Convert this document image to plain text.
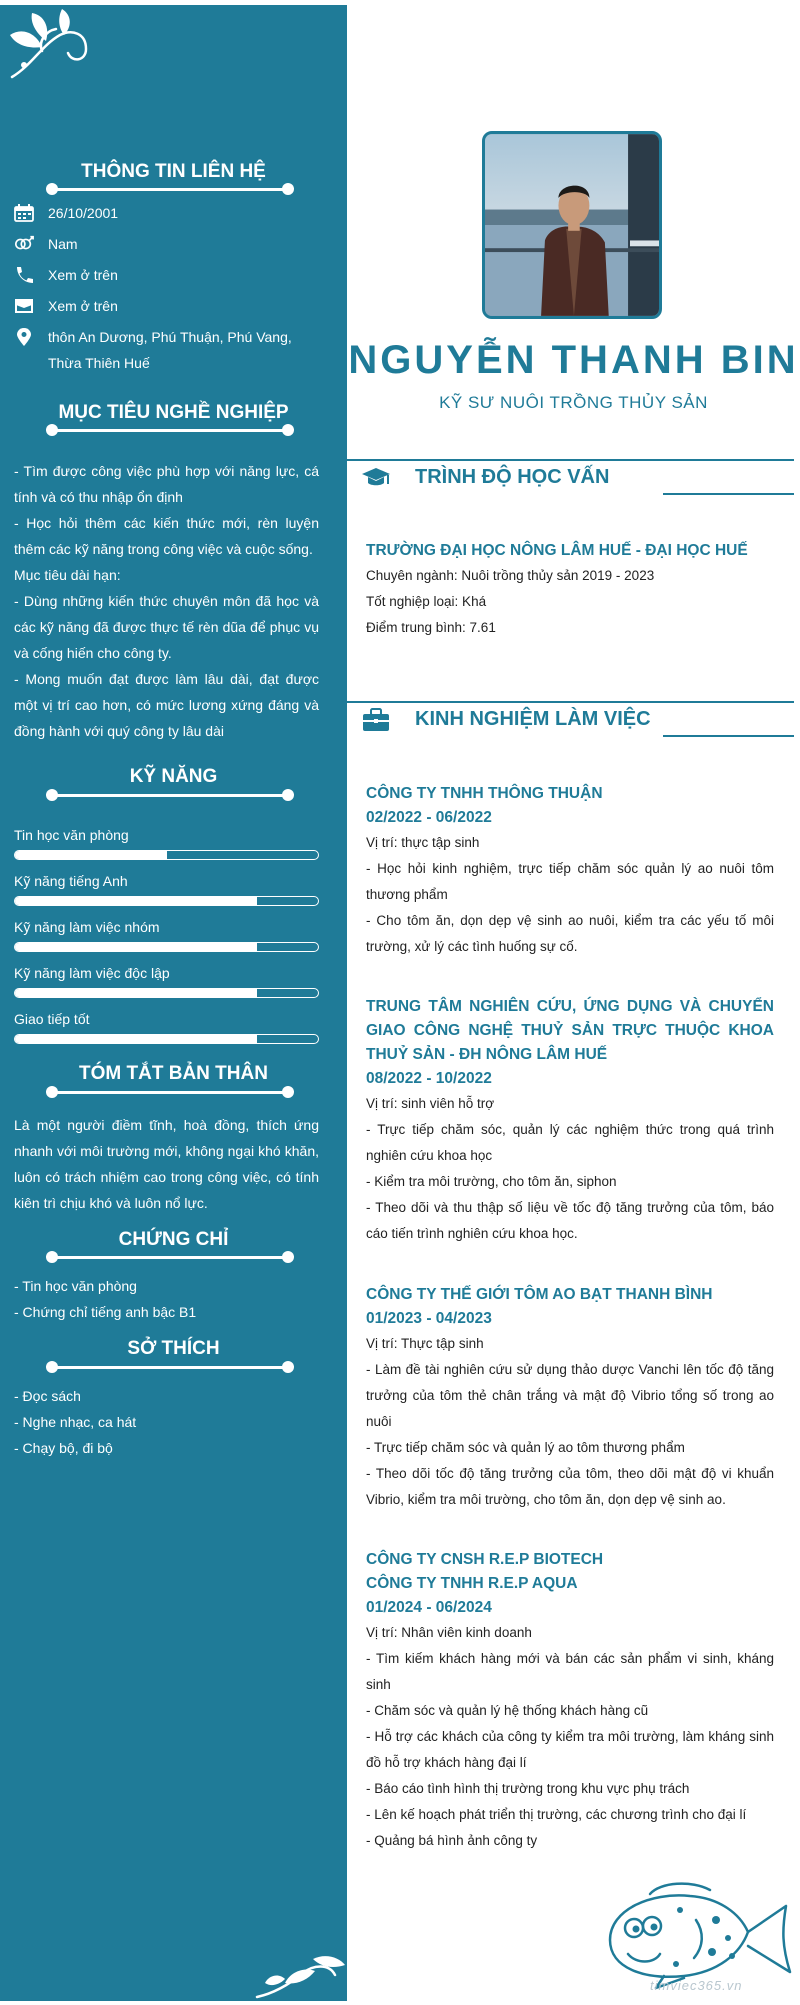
THÔNG TIN LIÊN HỆ
26/10/2001
Nam
Xem ở trên
Xem ở trên
thôn An Dương, Phú Thuận, Phú Vang, Thừa Thiên Huế
MỤC TIÊU NGHỀ NGHIỆP
- Tìm được công việc phù hợp với năng lực, cá tính và có thu nhập ổn định
- Học hỏi thêm các kiến thức mới, rèn luyện thêm các kỹ năng trong công việc và cuộc sống.
Mục tiêu dài hạn:
- Dùng những kiến thức chuyên môn đã học và các kỹ năng đã được thực tế rèn dũa để phục vụ và cống hiến cho công ty.
- Mong muốn đạt được làm lâu dài, đạt được một vị trí cao hơn, có mức lương xứng đáng và đồng hành với quý công ty lâu dài
KỸ NĂNG
Tin học văn phòng
Kỹ năng tiếng Anh
Kỹ năng làm việc nhóm
Kỹ năng làm việc độc lập
Giao tiếp tốt
TÓM TẮT BẢN THÂN
Là một người điềm tĩnh, hoà đồng, thích ứng nhanh với môi trường mới, không ngại khó khăn, luôn có trách nhiệm cao trong công việc, có tính kiên trì chịu khó và luôn nổ lực.
CHỨNG CHỈ
- Tin học văn phòng
- Chứng chỉ tiếng anh bậc B1
SỞ THÍCH
- Đọc sách
- Nghe nhạc, ca hát
- Chạy bộ, đi bộ
NGUYỄN THANH BIN
KỸ SƯ NUÔI TRỒNG THỦY SẢN
TRÌNH ĐỘ HỌC VẤN
TRƯỜNG ĐẠI HỌC NÔNG LÂM HUẾ - ĐẠI HỌC HUẾ
Chuyên ngành: Nuôi trồng thủy sản 2019 - 2023
Tốt nghiệp loại: Khá
Điểm trung bình: 7.61
KINH NGHIỆM LÀM VIỆC
CÔNG TY TNHH THÔNG THUẬN
02/2022 - 06/2022
Vị trí: thực tập sinh
- Học hỏi kinh nghiệm, trực tiếp chăm sóc quản lý ao nuôi tôm thương phẩm
- Cho tôm ăn, dọn dẹp vệ sinh ao nuôi, kiểm tra các yếu tố môi trường, xử lý các tình huống sự cố.
TRUNG TÂM NGHIÊN CỨU, ỨNG DỤNG VÀ CHUYỂN GIAO CÔNG NGHỆ THUỶ SẢN TRỰC THUỘC KHOA THUỶ SẢN - ĐH NÔNG LÂM HUẾ
08/2022 - 10/2022
Vị trí: sinh viên hỗ trợ
- Trực tiếp chăm sóc, quản lý các nghiệm thức trong quá trình nghiên cứu khoa học
- Kiểm tra môi trường, cho tôm ăn, siphon
- Theo dõi và thu thập số liệu về tốc độ tăng trưởng của tôm, báo cáo tiến trình nghiên cứu khoa học.
CÔNG TY THẾ GIỚI TÔM AO BẠT THANH BÌNH
01/2023 - 04/2023
Vị trí: Thực tập sinh
- Làm đề tài nghiên cứu sử dụng thảo dược Vanchi lên tốc độ tăng trưởng của tôm thẻ chân trắng và mật độ Vibrio tổng số trong ao nuôi
- Trực tiếp chăm sóc và quản lý ao tôm thương phẩm
- Theo dõi tốc độ tăng trưởng của tôm, theo dõi mật độ vi khuẩn Vibrio, kiểm tra môi trường, cho tôm ăn, dọn dẹp vệ sinh ao.
CÔNG TY CNSH R.E.P BIOTECH
CÔNG TY TNHH R.E.P AQUA
01/2024 - 06/2024
Vị trí: Nhân viên kinh doanh
- Tìm kiếm khách hàng mới và bán các sản phẩm vi sinh, kháng sinh
- Chăm sóc và quản lý hệ thống khách hàng cũ
- Hỗ trợ các khách của công ty kiểm tra môi trường, làm kháng sinh đồ hỗ trợ khách hàng đại lí
- Báo cáo tình hình thị trường trong khu vực phụ trách
- Lên kế hoạch phát triển thị trường, các chương trình cho đại lí
- Quảng bá hình ảnh công ty
timviec365.vn
